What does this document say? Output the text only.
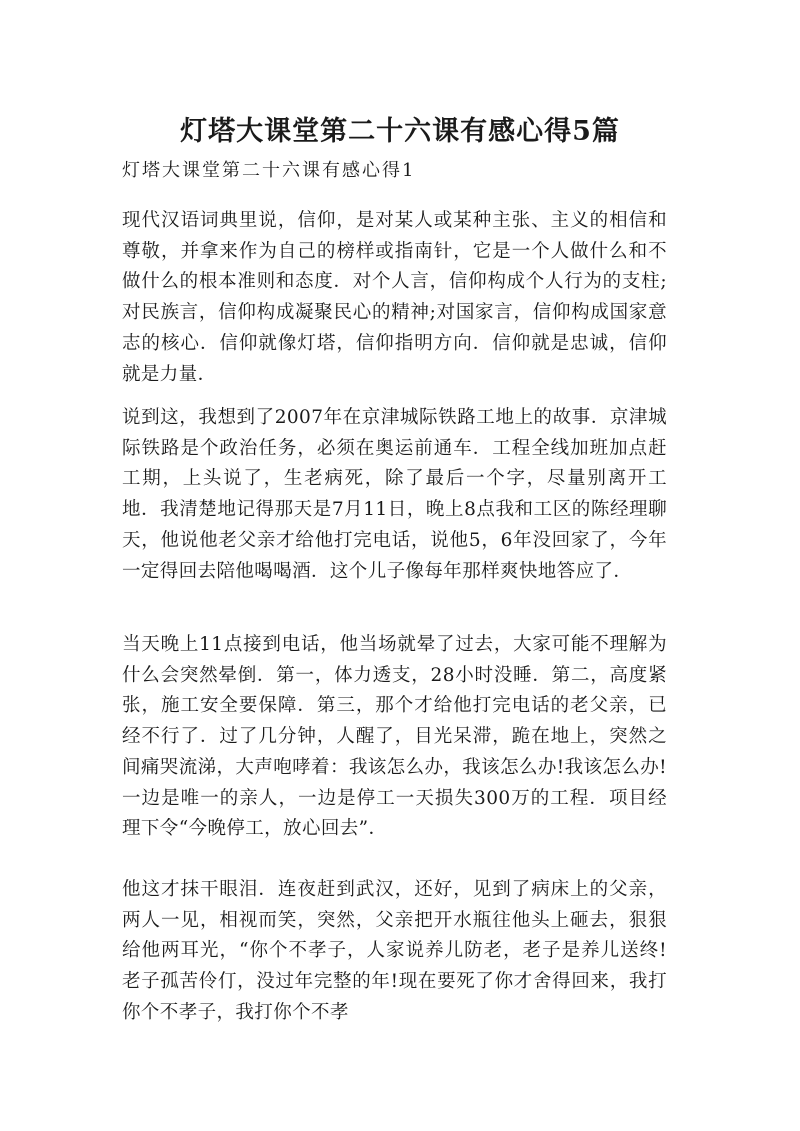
灯塔大课堂第二十六课有感心得5篇

灯塔大课堂第二十六课有感心得1

现代汉语词典里说，信仰，是对某人或某种主张、主义的相信和尊敬，并拿来作为自己的榜样或指南针，它是一个人做什么和不做什么的根本准则和态度．对个人言，信仰构成个人行为的支柱;对民族言，信仰构成凝聚民心的精神;对国家言，信仰构成国家意志的核心．信仰就像灯塔，信仰指明方向．信仰就是忠诚，信仰就是力量．

说到这，我想到了2007年在京津城际铁路工地上的故事．京津城际铁路是个政治任务，必须在奥运前通车．工程全线加班加点赶工期，上头说了，生老病死，除了最后一个字，尽量别离开工地．我清楚地记得那天是7月11日，晚上8点我和工区的陈经理聊天，他说他老父亲才给他打完电话，说他5，6年没回家了，今年一定得回去陪他喝喝酒．这个儿子像每年那样爽快地答应了．

当天晚上11点接到电话，他当场就晕了过去，大家可能不理解为什么会突然晕倒．第一，体力透支，28小时没睡．第二，高度紧张，施工安全要保障．第三，那个才给他打完电话的老父亲，已经不行了．过了几分钟，人醒了，目光呆滞，跪在地上，突然之间痛哭流涕，大声咆哮着：我该怎么办，我该怎么办!我该怎么办!一边是唯一的亲人，一边是停工一天损失300万的工程．项目经理下令“今晚停工，放心回去”．

他这才抹干眼泪．连夜赶到武汉，还好，见到了病床上的父亲，两人一见，相视而笑，突然，父亲把开水瓶往他头上砸去，狠狠给他两耳光，“你个不孝子，人家说养儿防老，老子是养儿送终!老子孤苦伶仃，没过年完整的年!现在要死了你才舍得回来，我打你个不孝子，我打你个不孝
